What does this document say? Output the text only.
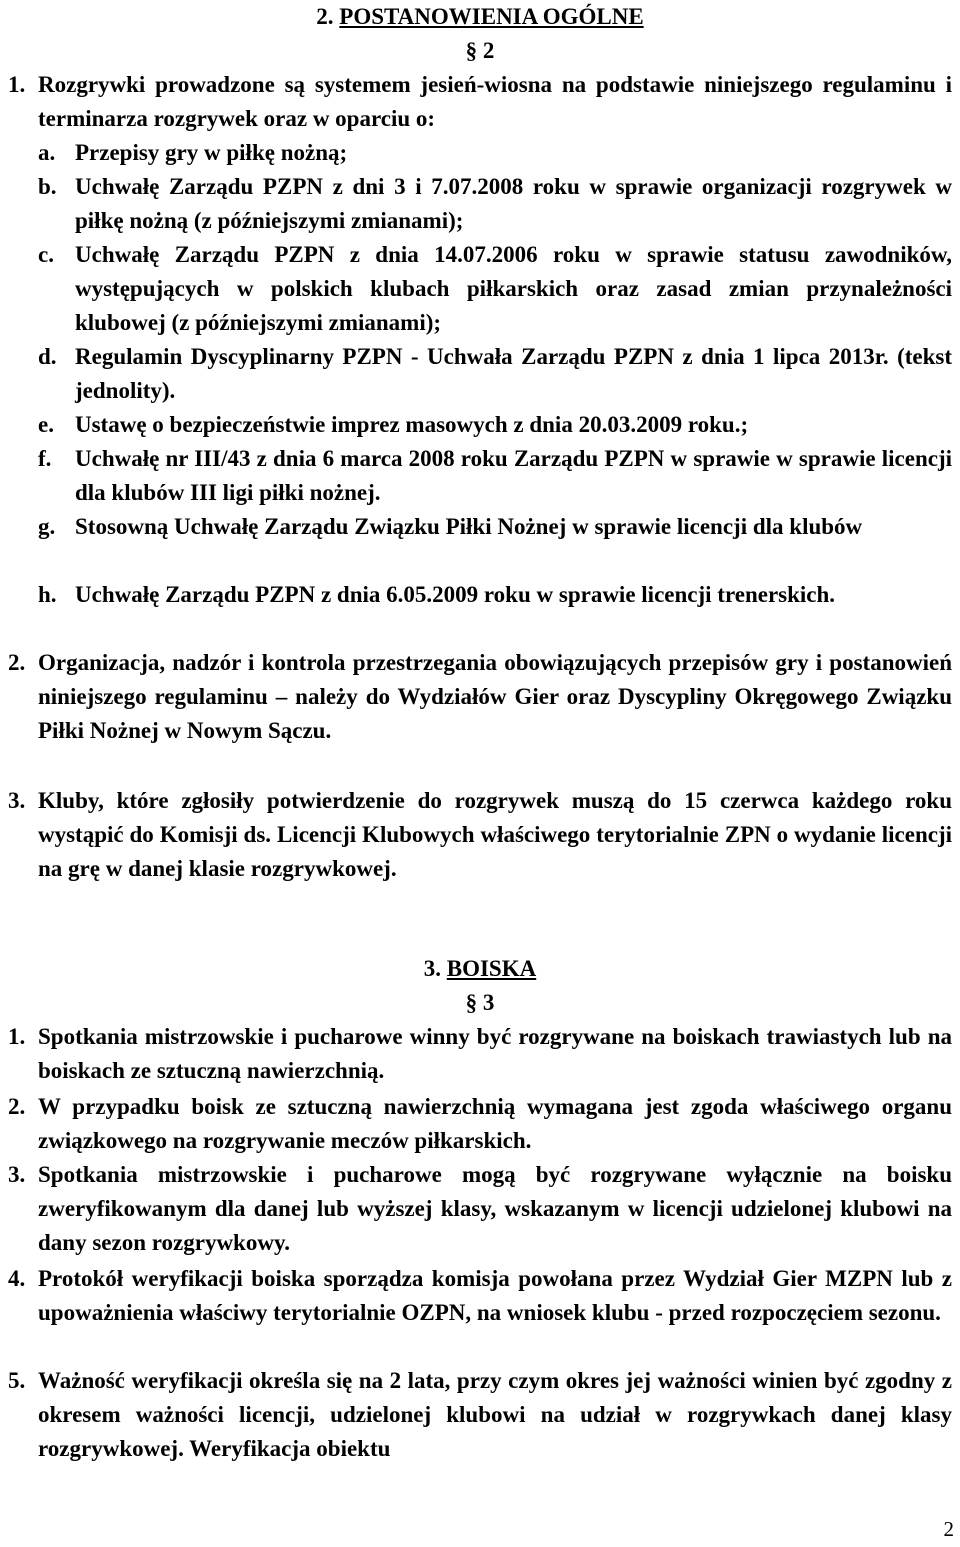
2. POSTANOWIENIA OGÓLNE

§ 2

1. Rozgrywki prowadzone są systemem jesień-wiosna na podstawie niniejszego regulaminu i terminarza rozgrywek oraz w oparciu o:

a. Przepisy gry w piłkę nożną;

b. Uchwałę Zarządu PZPN z dni 3 i 7.07.2008 roku w sprawie organizacji rozgrywek w piłkę nożną (z późniejszymi zmianami);

c. Uchwałę Zarządu PZPN z dnia 14.07.2006 roku w sprawie statusu zawodników, występujących w polskich klubach piłkarskich oraz zasad zmian przynależności klubowej (z późniejszymi zmianami);

d. Regulamin Dyscyplinarny PZPN - Uchwała Zarządu PZPN z dnia 1 lipca 2013r. (tekst jednolity).

e. Ustawę o bezpieczeństwie imprez masowych z dnia 20.03.2009 roku.;

f. Uchwałę nr III/43 z dnia 6 marca 2008 roku Zarządu PZPN w sprawie w sprawie licencji dla klubów III ligi piłki nożnej.

g. Stosowną Uchwałę Zarządu Związku Piłki Nożnej w sprawie licencji dla klubów

h. Uchwałę Zarządu PZPN z dnia 6.05.2009 roku w sprawie licencji trenerskich.

2. Organizacja, nadzór i kontrola przestrzegania obowiązujących przepisów gry i postanowień niniejszego regulaminu – należy do Wydziałów Gier oraz Dyscypliny Okręgowego Związku Piłki Nożnej w Nowym Sączu.

3. Kluby, które zgłosiły potwierdzenie do rozgrywek muszą do 15 czerwca każdego roku wystąpić do Komisji ds. Licencji Klubowych właściwego terytorialnie ZPN o wydanie licencji na grę w danej klasie rozgrywkowej.

3. BOISKA

§ 3

1. Spotkania mistrzowskie i pucharowe winny być rozgrywane na boiskach trawiastych lub na boiskach ze sztuczną nawierzchnią.

2. W przypadku boisk ze sztuczną nawierzchnią wymagana jest zgoda właściwego organu związkowego na rozgrywanie meczów piłkarskich.

3. Spotkania mistrzowskie i pucharowe mogą być rozgrywane wyłącznie na boisku zweryfikowanym dla danej lub wyższej klasy, wskazanym w licencji udzielonej klubowi na dany sezon rozgrywkowy.

4. Protokół weryfikacji boiska sporządza komisja powołana przez Wydział Gier MZPN lub z upoważnienia właściwy terytorialnie OZPN, na wniosek klubu - przed rozpoczęciem sezonu.

5. Ważność weryfikacji określa się na 2 lata, przy czym okres jej ważności winien być zgodny z okresem ważności licencji, udzielonej klubowi na udział w rozgrywkach danej klasy rozgrywkowej. Weryfikacja obiektu

2
